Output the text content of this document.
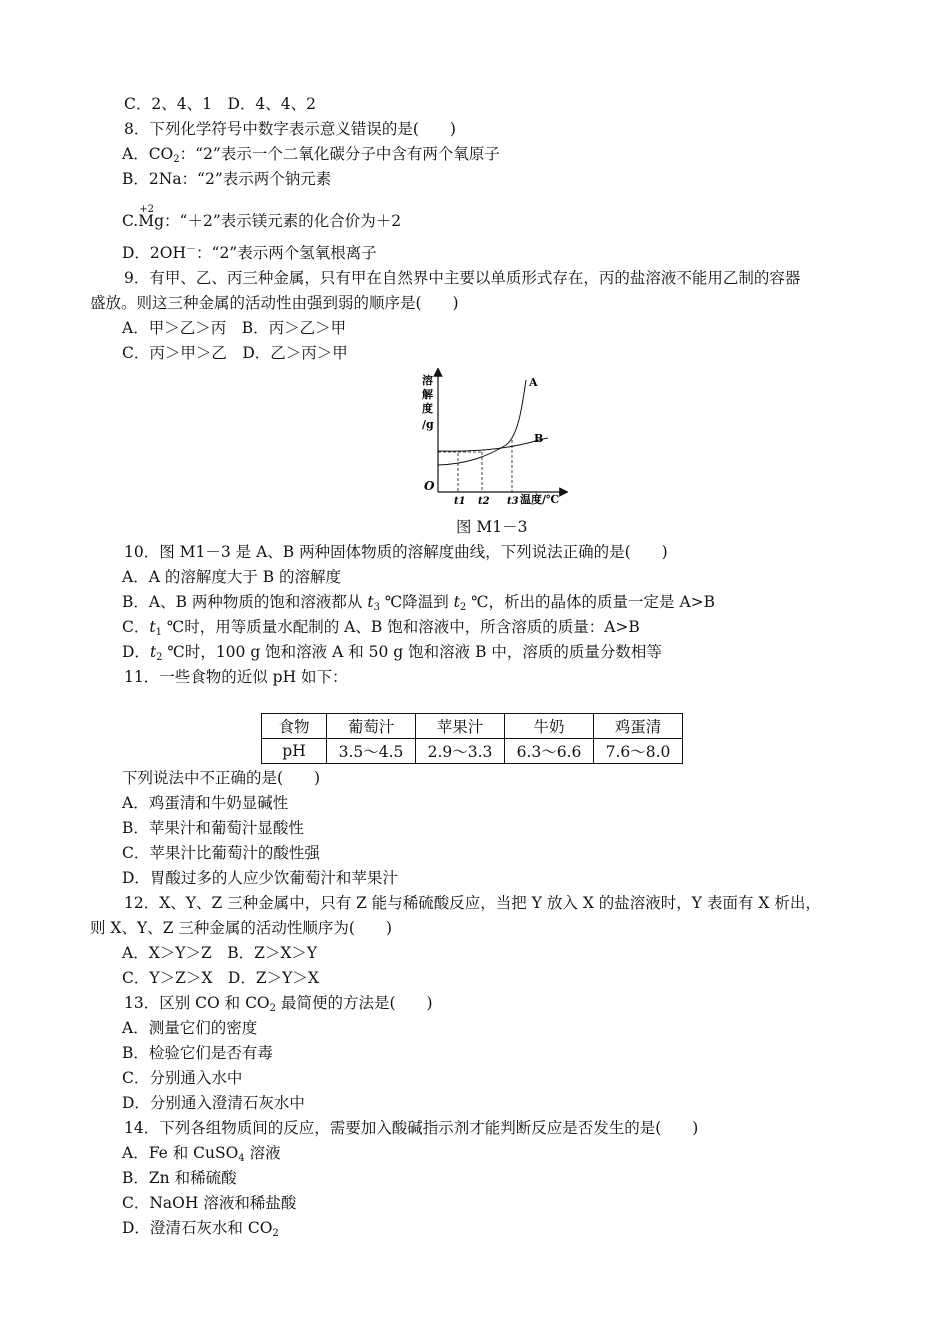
C．2、4、1　D．4、4、2
8．下列化学符号中数字表示意义错误的是(　　)
A．$CO_2$：“2”表示一个二氧化碳分子中含有两个氧原子
B．2Na：“2”表示两个钠元素
C.
+2
Mg：“＋2”表示镁元素的化合价为＋2
D．2OH－：“2”表示两个氢氧根离子
9．有甲、乙、丙三种金属，只有甲在自然界中主要以单质形式存在，丙的盐溶液不能用乙制的容器
盛放。则这三种金属的活动性由强到弱的顺序是(　　)
A．甲＞乙＞丙　B．丙＞乙＞甲
C．丙＞甲＞乙　D．乙＞丙＞甲
溶
解
度
/g
O
A
B
t1 t2 t3 温度/℃
图 M1－3
10．图 M1－3 是 A、B 两种固体物质的溶解度曲线，下列说法正确的是(　　)
A．A 的溶解度大于 B 的溶解度
B．A、B 两种物质的饱和溶液都从 $t_3$ ℃降温到 $t_2$ ℃，析出的晶体的质量一定是 A>B
C．$t_1$ ℃时，用等质量水配制的 A、B 饱和溶液中，所含溶质的质量：A>B
D．$t_2$ ℃时，100 g 饱和溶液 A 和 50 g 饱和溶液 B 中，溶质的质量分数相等
11．一些食物的近似 pH 如下：
食物	葡萄汁	苹果汁	牛奶	鸡蛋清
pH	3.5～4.5	2.9～3.3	6.3～6.6	7.6～8.0
下列说法中不正确的是(　　)
A．鸡蛋清和牛奶显碱性
B．苹果汁和葡萄汁显酸性
C．苹果汁比葡萄汁的酸性强
D．胃酸过多的人应少饮葡萄汁和苹果汁
12．X、Y、Z 三种金属中，只有 Z 能与稀硫酸反应，当把 Y 放入 X 的盐溶液时，Y 表面有 X 析出，
则 X、Y、Z 三种金属的活动性顺序为(　　)
A．X＞Y＞Z　B．Z＞X＞Y
C．Y＞Z＞X　D．Z＞Y＞X
13．区别 CO 和 $CO_2$ 最简便的方法是(　　)
A．测量它们的密度
B．检验它们是否有毒
C．分别通入水中
D．分别通入澄清石灰水中
14．下列各组物质间的反应，需要加入酸碱指示剂才能判断反应是否发生的是(　　)
A．Fe 和 CuSO$_4$ 溶液
B．Zn 和稀硫酸
C．NaOH 溶液和稀盐酸
D．澄清石灰水和 $CO_2$
